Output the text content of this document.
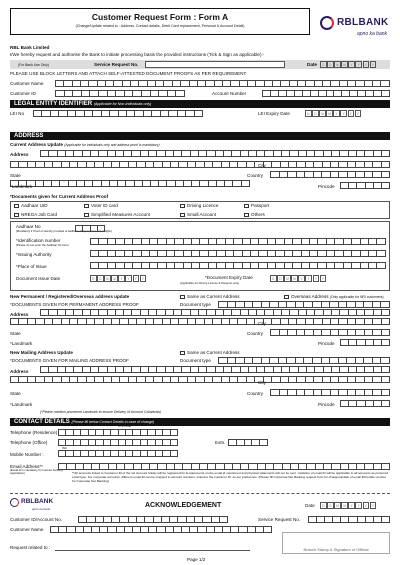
Customer Request Form : Form A
(Change/Update related to : Address, Contact details, Debit Card replacement, Personal & Account Detail)	RBLBANK
apno ka bank
RBL Bank Limited
I/We hereby request and authorise the Bank to initiate processing basis the provided instructions (Tick & Sign as applicable):-
(For Bank Use Only)	Service Request No.	Date	D	D	M	M	Y	Y	Y	Y
PLEASE USE BLOCK LETTERS AND ATTACH SELF-ATTESTED DOCUMENT PROOFS AS PER REQUIREMENT
Customer Name
Customer ID	Account Number
LEGAL ENTITY IDENTIFIER (Applicable for Non-Individuals only)
LEI No	LEI Expiry Date	D	D	M	M	Y	Y	Y	Y
ADDRESS
Current Address Update (Applicable for individuals only and address proof is mandatory)
Address
City
State	Country
*Landmark	Pincode
*Documents given for Current Address Proof
Aadhaar UID	Voter ID card	Driving Licence	Passport
NREGA Job Card	Simplified Measures Account	Small Account	Others
Aadhaar No
(Mandatory if Proof of Identity provided is Aadhaar. Only mention last 4 digits)
*Identification number
(Please do not enter the Aadhaar No here)
*Issuing Authority
*Place of Issue
Document Issue Date	D	D	M	M	Y	Y	Y	Y	*Document Expiry Date
(Applicable for Driving License & Passport only)
D	D	M	M	Y	Y	Y	Y
New Permanent / Registered/Overseas address update	Same as Current Address	Overseas Address (Only applicable for NRI customers)
*DOCUMENTS GIVEN FOR PERMANENT ADDRESS PROOF	Document type
Address
City
State	Country
*Landmark	Pincode
New Mailing Address Update	Same as Current Address
*DOCUMENTS GIVEN FOR MAILING ADDRESS PROOF	Document type
Address
City
State	Country
*Landmark	Pincode
(*Please mention prominent Landmark to ensure Delivery of Account Collaterals)
CONTACT DETAILS (Please fill below Contact Details in case of change)
Telephone (Residence)
STD Code
Telephone (Office)	Extn.
Mobile Number :
ISD
Email Address**
(Email id is mandatory for Internet banking registration)	**All accounts linked to Customer ID of the 1st Account holder will be registered for E-statements on the email id mentioned and physical statements will not be sent. Updation of email ID will be applicable to all accounts as preferred email type. For corporate accounts, different email ID can be mapped to account numbers, linked to the customer ID, as per preference. (Please fill Corporate Net Banking request form for change/update of email ID/mobile number for Corporate Net Banking)
RBLBANK
apno ka bank	ACKNOWLEDGEMENT	Date	D	D	M	M	Y	Y	Y	Y
Customer ID/Account No.	Service Request No.
Customer Name
Request related to :	Branch Stamp & Signature of Official
Page 1/2
